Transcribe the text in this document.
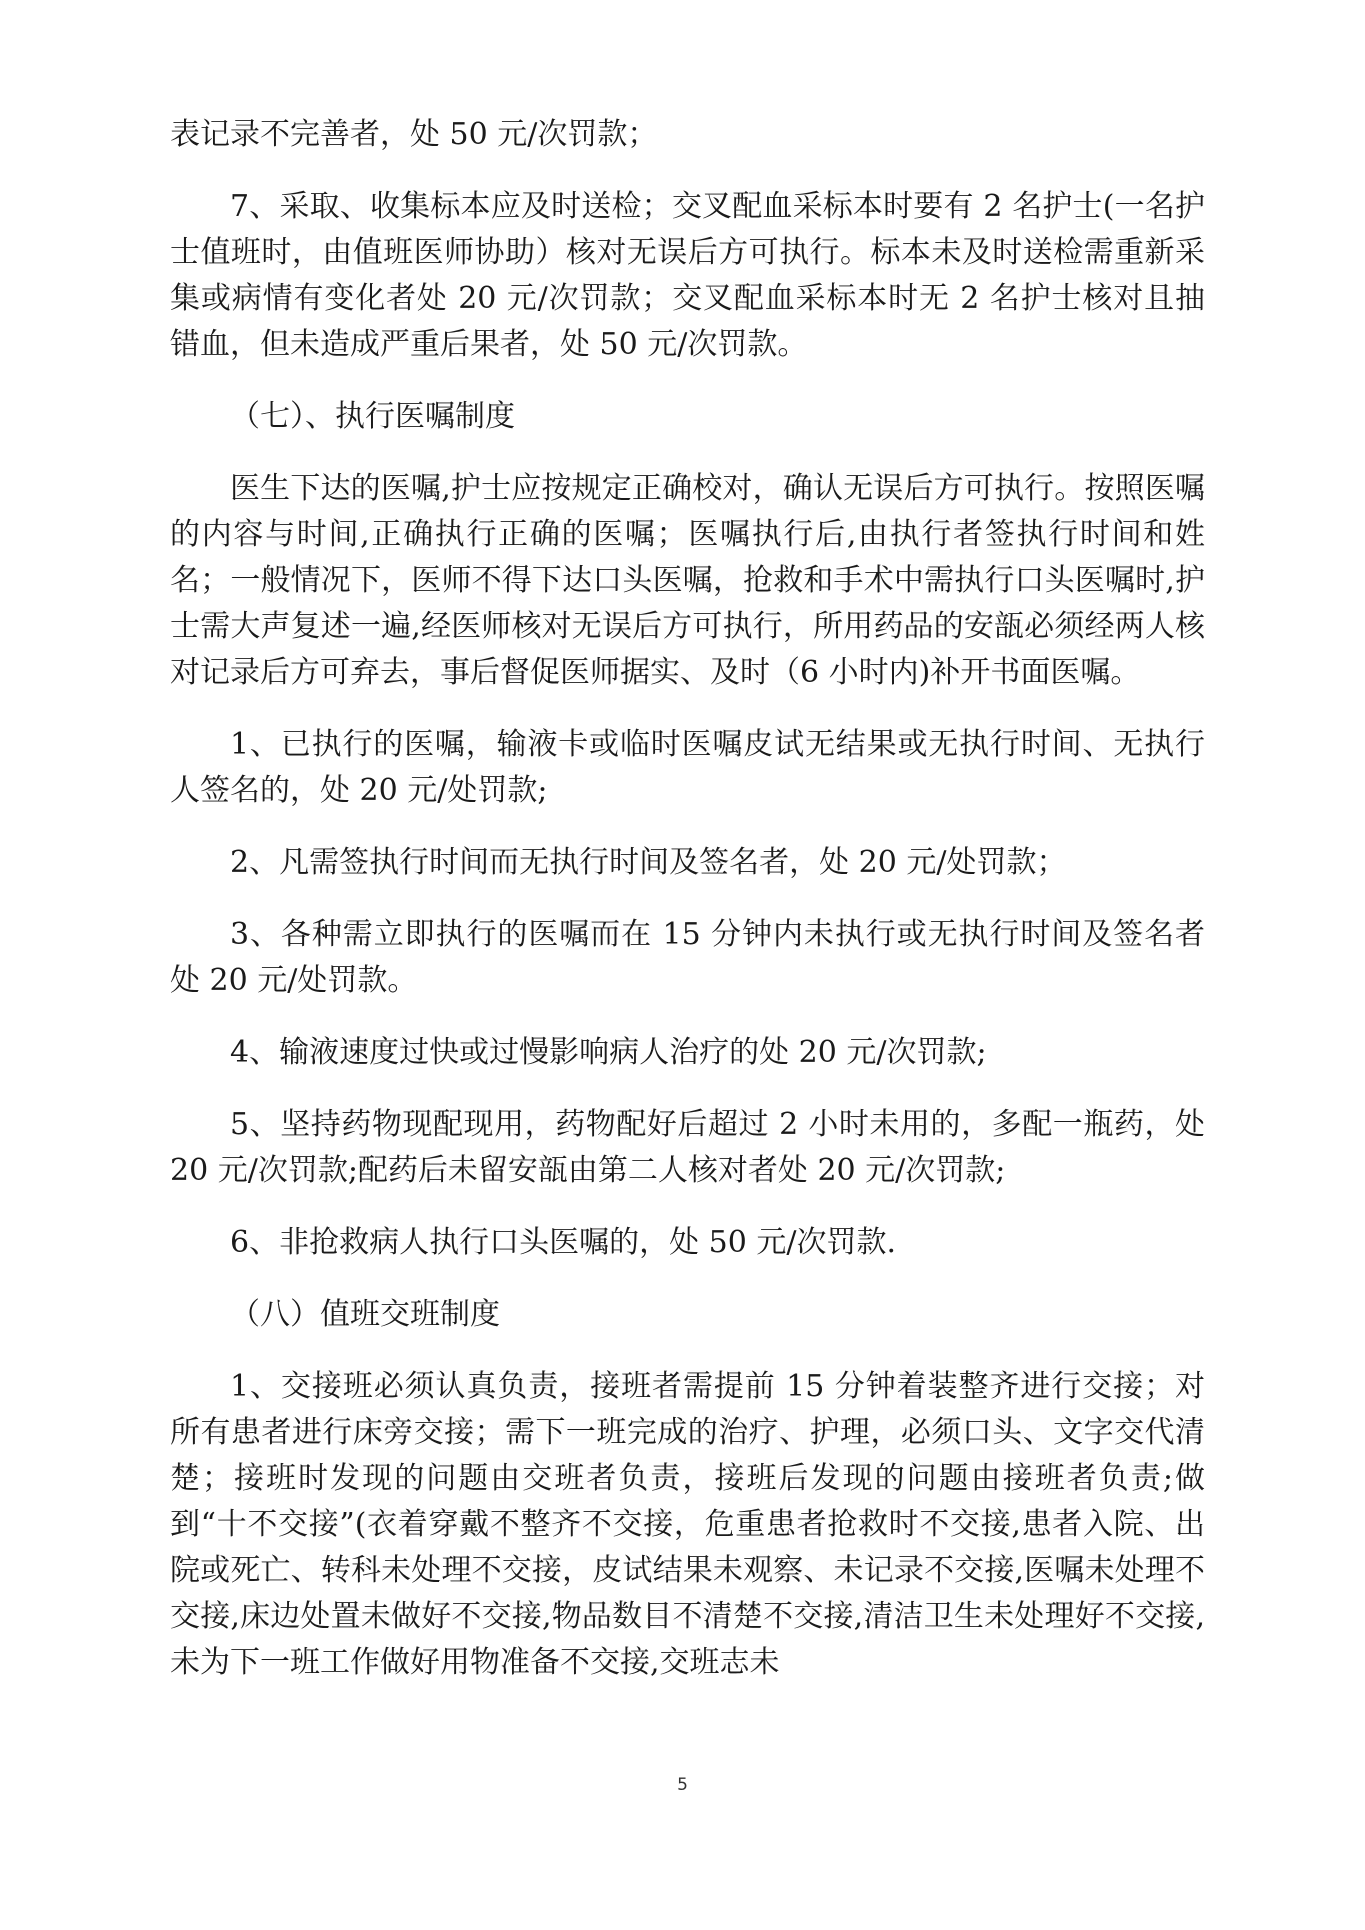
表记录不完善者，处 50 元/次罚款；

7、采取、收集标本应及时送检；交叉配血采标本时要有 2 名护士(一名护士值班时，由值班医师协助）核对无误后方可执行。标本未及时送检需重新采集或病情有变化者处 20 元/次罚款；交叉配血采标本时无 2 名护士核对且抽错血，但未造成严重后果者，处 50 元/次罚款。

（七）、执行医嘱制度

医生下达的医嘱,护士应按规定正确校对，确认无误后方可执行。按照医嘱的内容与时间,正确执行正确的医嘱；医嘱执行后,由执行者签执行时间和姓名；一般情况下，医师不得下达口头医嘱，抢救和手术中需执行口头医嘱时,护士需大声复述一遍,经医师核对无误后方可执行，所用药品的安瓿必须经两人核对记录后方可弃去，事后督促医师据实、及时（6 小时内)补开书面医嘱。

1、已执行的医嘱，输液卡或临时医嘱皮试无结果或无执行时间、无执行人签名的，处 20 元/处罚款;

2、凡需签执行时间而无执行时间及签名者，处 20 元/处罚款；

3、各种需立即执行的医嘱而在 15 分钟内未执行或无执行时间及签名者处 20 元/处罚款。

4、输液速度过快或过慢影响病人治疗的处 20 元/次罚款;

5、坚持药物现配现用，药物配好后超过 2 小时未用的，多配一瓶药，处 20 元/次罚款;配药后未留安瓿由第二人核对者处 20 元/次罚款;

6、非抢救病人执行口头医嘱的，处 50 元/次罚款.

（八）值班交班制度

1、交接班必须认真负责，接班者需提前 15 分钟着装整齐进行交接；对所有患者进行床旁交接；需下一班完成的治疗、护理，必须口头、文字交代清楚；接班时发现的问题由交班者负责，接班后发现的问题由接班者负责;做到“十不交接”(衣着穿戴不整齐不交接，危重患者抢救时不交接,患者入院、出院或死亡、转科未处理不交接，皮试结果未观察、未记录不交接,医嘱未处理不交接,床边处置未做好不交接,物品数目不清楚不交接,清洁卫生未处理好不交接,未为下一班工作做好用物准备不交接,交班志未

5
